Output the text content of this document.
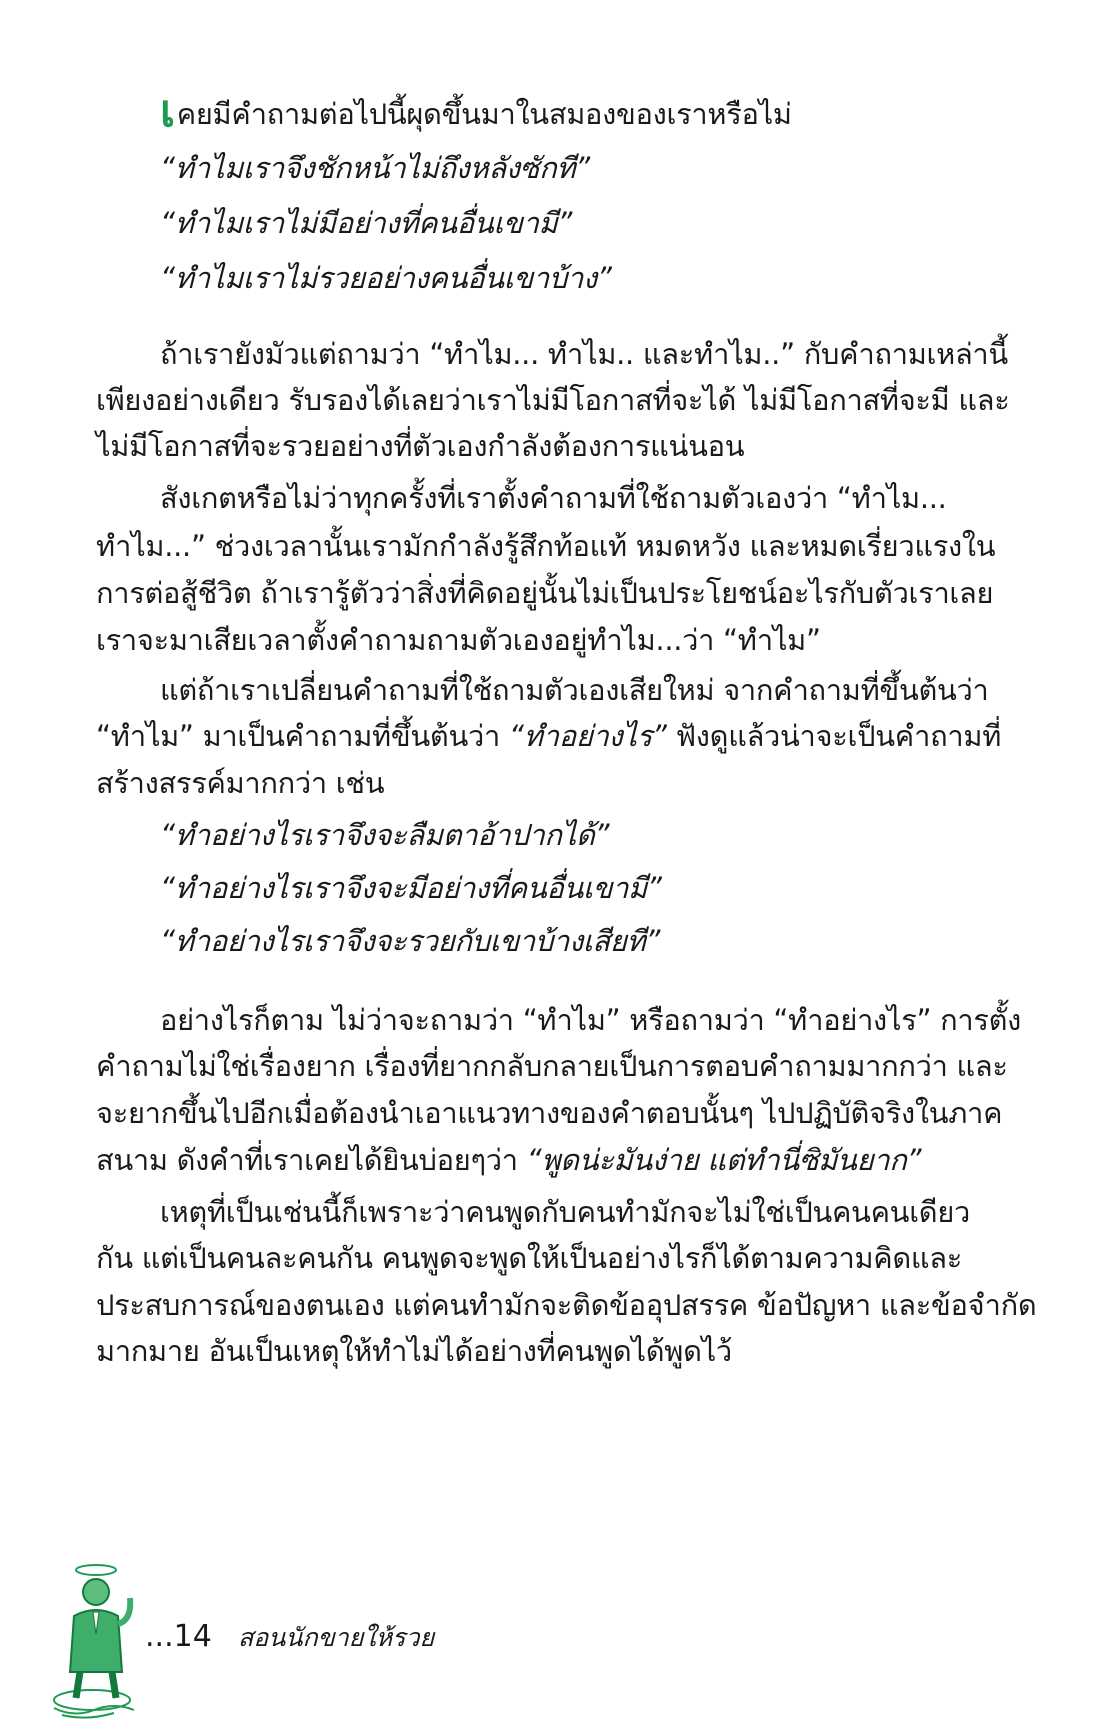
เคยมีคำถามต่อไปนี้ผุดขึ้นมาในสมองของเราหรือไม่
“ทำไมเราจึงชักหน้าไม่ถึงหลังซักที”
“ทำไมเราไม่มีอย่างที่คนอื่นเขามี”
“ทำไมเราไม่รวยอย่างคนอื่นเขาบ้าง”
ถ้าเรายังมัวแต่ถามว่า “ทำไม... ทำไม.. และทำไม..” กับคำถามเหล่านี้
เพียงอย่างเดียว รับรองได้เลยว่าเราไม่มีโอกาสที่จะได้ ไม่มีโอกาสที่จะมี และ
ไม่มีโอกาสที่จะรวยอย่างที่ตัวเองกำลังต้องการแน่นอน
สังเกตหรือไม่ว่าทุกครั้งที่เราตั้งคำถามที่ใช้ถามตัวเองว่า “ทำไม...
ทำไม...” ช่วงเวลานั้นเรามักกำลังรู้สึกท้อแท้ หมดหวัง และหมดเรี่ยวแรงใน
การต่อสู้ชีวิต ถ้าเรารู้ตัวว่าสิ่งที่คิดอยู่นั้นไม่เป็นประโยชน์อะไรกับตัวเราเลย
เราจะมาเสียเวลาตั้งคำถามถามตัวเองอยู่ทำไม...ว่า “ทำไม”
แต่ถ้าเราเปลี่ยนคำถามที่ใช้ถามตัวเองเสียใหม่ จากคำถามที่ขึ้นต้นว่า
“ทำไม” มาเป็นคำถามที่ขึ้นต้นว่า “ทำอย่างไร” ฟังดูแล้วน่าจะเป็นคำถามที่
สร้างสรรค์มากกว่า เช่น
“ทำอย่างไรเราจึงจะลืมตาอ้าปากได้”
“ทำอย่างไรเราจึงจะมีอย่างที่คนอื่นเขามี”
“ทำอย่างไรเราจึงจะรวยกับเขาบ้างเสียที”
อย่างไรก็ตาม ไม่ว่าจะถามว่า “ทำไม” หรือถามว่า “ทำอย่างไร” การตั้ง
คำถามไม่ใช่เรื่องยาก เรื่องที่ยากกลับกลายเป็นการตอบคำถามมากกว่า และ
จะยากขึ้นไปอีกเมื่อต้องนำเอาแนวทางของคำตอบนั้นๆ ไปปฏิบัติจริงในภาค
สนาม ดังคำที่เราเคยได้ยินบ่อยๆว่า “พูดน่ะมันง่าย แต่ทำนี่ซิมันยาก”
เหตุที่เป็นเช่นนี้ก็เพราะว่าคนพูดกับคนทำมักจะไม่ใช่เป็นคนคนเดียว
กัน แต่เป็นคนละคนกัน คนพูดจะพูดให้เป็นอย่างไรก็ได้ตามความคิดและ
ประสบการณ์ของตนเอง แต่คนทำมักจะติดข้ออุปสรรค ข้อปัญหา และข้อจำกัด
มากมาย อันเป็นเหตุให้ทำไม่ได้อย่างที่คนพูดได้พูดไว้
...14 สอนนักขายให้รวย
